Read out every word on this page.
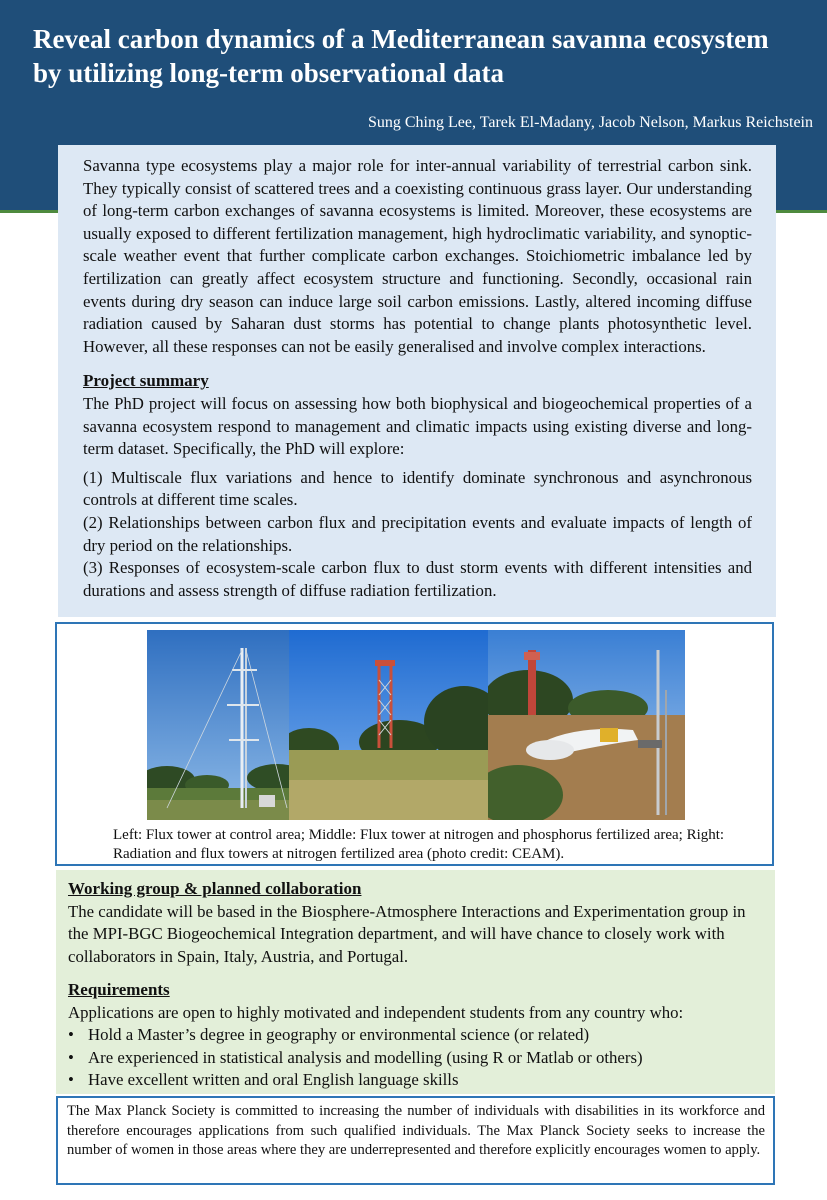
Reveal carbon dynamics of a Mediterranean savanna ecosystem
by utilizing long-term observational data
Sung Ching Lee, Tarek El-Madany, Jacob Nelson, Markus Reichstein

Savanna type ecosystems play a major role for inter-annual variability of terrestrial carbon sink. They typically consist of scattered trees and a coexisting continuous grass layer. Our understanding of long-term carbon exchanges of savanna ecosystems is limited. Moreover, these ecosystems are usually exposed to different fertilization management, high hydroclimatic variability, and synoptic-scale weather event that further complicate carbon exchanges. Stoichiometric imbalance led by fertilization can greatly affect ecosystem structure and functioning. Secondly, occasional rain events during dry season can induce large soil carbon emissions. Lastly, altered incoming diffuse radiation caused by Saharan dust storms has potential to change plants photosynthetic level. However, all these responses can not be easily generalised and involve complex interactions.

Project summary

The PhD project will focus on assessing how both biophysical and biogeochemical properties of a savanna ecosystem respond to management and climatic impacts using existing diverse and long-term dataset. Specifically, the PhD will explore:

(1) Multiscale flux variations and hence to identify dominate synchronous and asynchronous controls at different time scales.

(2) Relationships between carbon flux and precipitation events and evaluate impacts of length of dry period on the relationships.

(3) Responses of ecosystem-scale carbon flux to dust storm events with different intensities and durations and assess strength of diffuse radiation fertilization.

Left: Flux tower at control area; Middle: Flux tower at nitrogen and phosphorus fertilized area; Right: Radiation and flux towers at nitrogen fertilized area (photo credit: CEAM).
Working group & planned collaboration

The candidate will be based in the Biosphere-Atmosphere Interactions and Experimentation group in the MPI-BGC Biogeochemical Integration department, and will have chance to closely work with collaborators in Spain, Italy, Austria, and Portugal.

Requirements

Applications are open to highly motivated and independent students from any country who:

• Hold a Master’s degree in geography or environmental science (or related)
• Are experienced in statistical analysis and modelling (using R or Matlab or others)
• Have excellent written and oral English language skills

The Max Planck Society is committed to increasing the number of individuals with disabilities in its workforce and therefore encourages applications from such qualified individuals. The Max Planck Society seeks to increase the number of women in those areas where they are underrepresented and therefore explicitly encourages women to apply.
